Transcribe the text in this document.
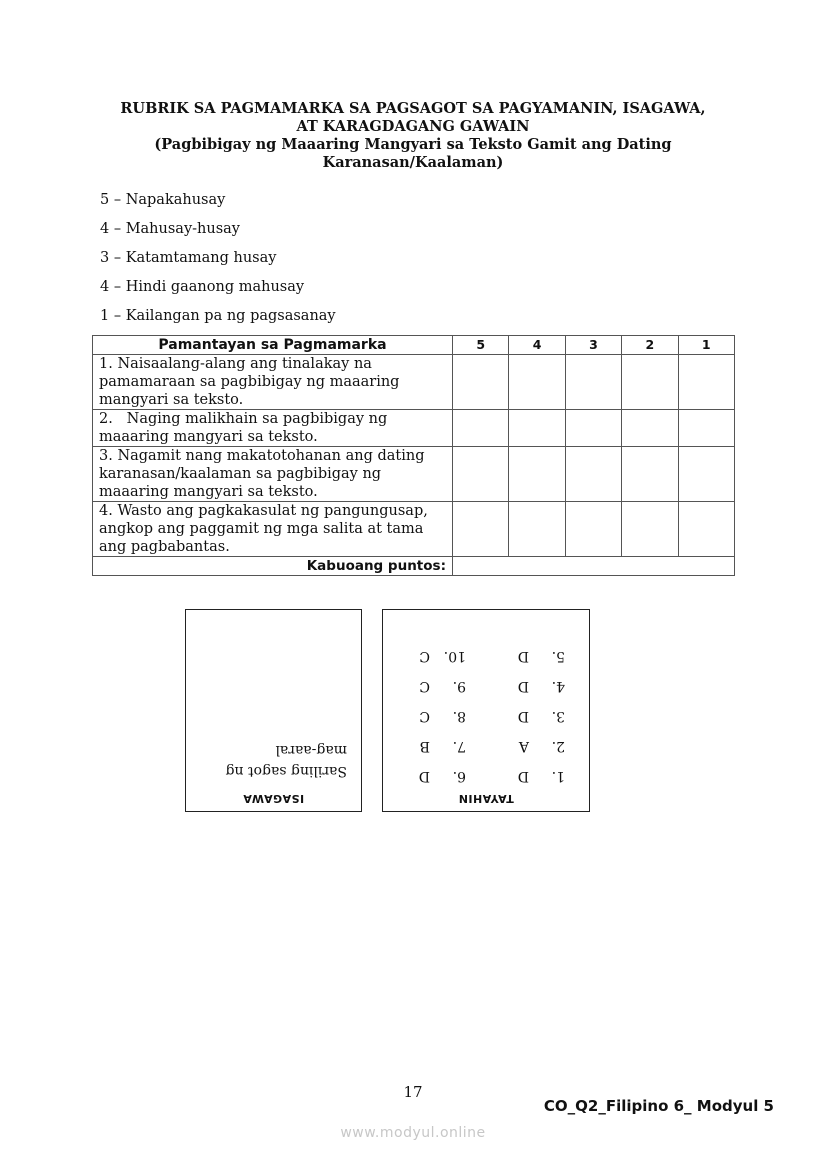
RUBRIK SA PAGMAMARKA SA PAGSAGOT SA PAGYAMANIN, ISAGAWA,
AT KARAGDAGANG GAWAIN
(Pagbibigay ng Maaaring Mangyari sa Teksto Gamit ang Dating
Karanasan/Kaalaman)
5 – Napakahusay
4 – Mahusay-husay
3 – Katamtamang husay
4 – Hindi gaanong mahusay
1 – Kailangan pa ng pagsasanay
Pamantayan sa Pagmamarka	5	4	3	2	1

1. Naisaalang-alang ang tinalakay na
pamamaraan sa pagbibigay ng maaaring
mangyari sa teksto.					

2.   Naging malikhain sa pagbibigay ng
maaaring mangyari sa teksto.					

3. Nagamit nang makatotohanan ang dating
karanasan/kaalaman sa pagbibigay ng
maaaring mangyari sa teksto.					

4. Wasto ang pagkakasulat ng pangungusap,
angkop ang paggamit ng mga salita at tama
ang pagbabantas.					

Kabuoang puntos:					
ISAGAWA
Sariling sagot ng
mag-aaral
TAYAHIN
1.D
2.A
3.D
4.D
5.D
6.D
7.B
8.C
9.C
10.C
17
CO_Q2_Filipino 6_ Modyul 5
www.modyul.online
